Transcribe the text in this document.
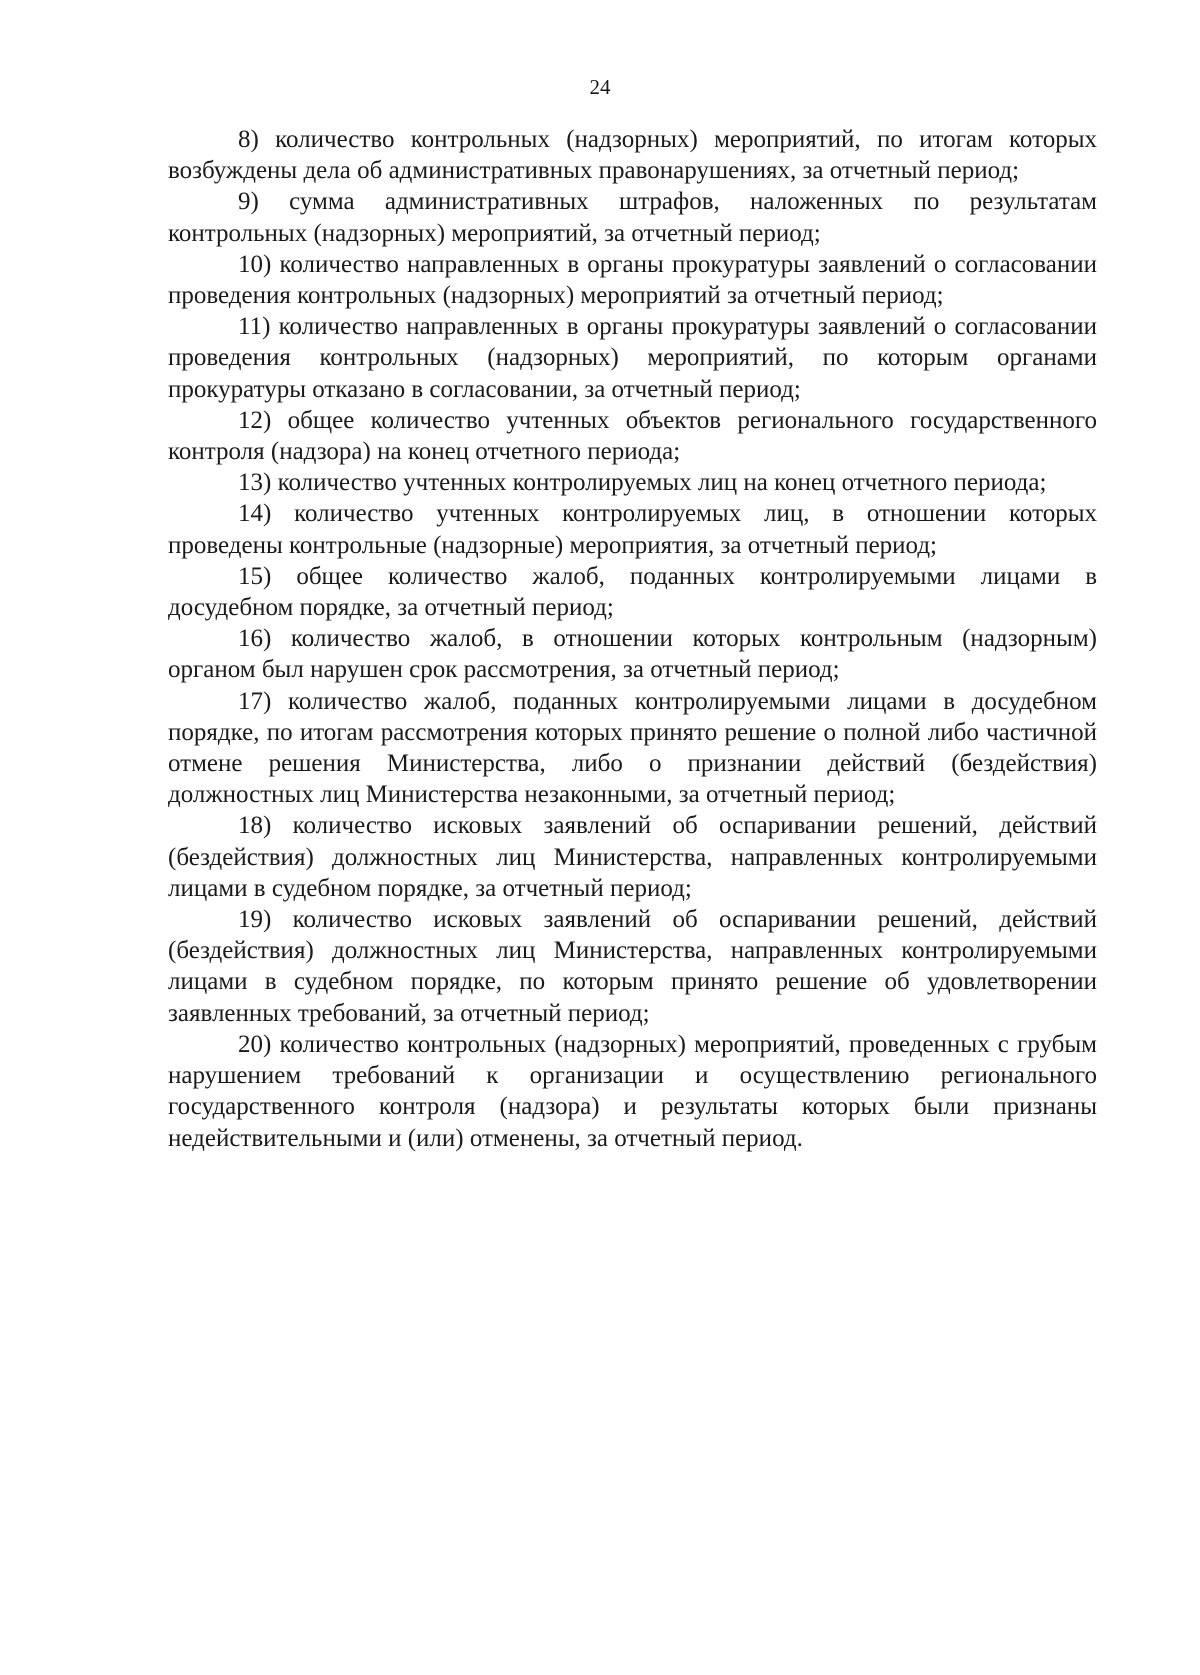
24

8) количество контрольных (надзорных) мероприятий, по итогам которых возбуждены дела об административных правонарушениях, за отчетный период;

9) сумма административных штрафов, наложенных по результатам контрольных (надзорных) мероприятий, за отчетный период;

10) количество направленных в органы прокуратуры заявлений о согласовании проведения контрольных (надзорных) мероприятий за отчетный период;

11) количество направленных в органы прокуратуры заявлений о согласовании проведения контрольных (надзорных) мероприятий, по которым органами прокуратуры отказано в согласовании, за отчетный период;

12) общее количество учтенных объектов регионального государственного контроля (надзора) на конец отчетного периода;

13) количество учтенных контролируемых лиц на конец отчетного периода;

14) количество учтенных контролируемых лиц, в отношении которых проведены контрольные (надзорные) мероприятия, за отчетный период;

15) общее количество жалоб, поданных контролируемыми лицами в досудебном порядке, за отчетный период;

16) количество жалоб, в отношении которых контрольным (надзорным) органом был нарушен срок рассмотрения, за отчетный период;

17) количество жалоб, поданных контролируемыми лицами в досудебном порядке, по итогам рассмотрения которых принято решение о полной либо частичной отмене решения Министерства, либо о признании действий (бездействия) должностных лиц Министерства незаконными, за отчетный период;

18) количество исковых заявлений об оспаривании решений, действий (бездействия) должностных лиц Министерства, направленных контролируемыми лицами в судебном порядке, за отчетный период;

19) количество исковых заявлений об оспаривании решений, действий (бездействия) должностных лиц Министерства, направленных контролируемыми лицами в судебном порядке, по которым принято решение об удовлетворении заявленных требований, за отчетный период;

20) количество контрольных (надзорных) мероприятий, проведенных с грубым нарушением требований к организации и осуществлению регионального государственного контроля (надзора) и результаты которых были признаны недействительными и (или) отменены, за отчетный период.
